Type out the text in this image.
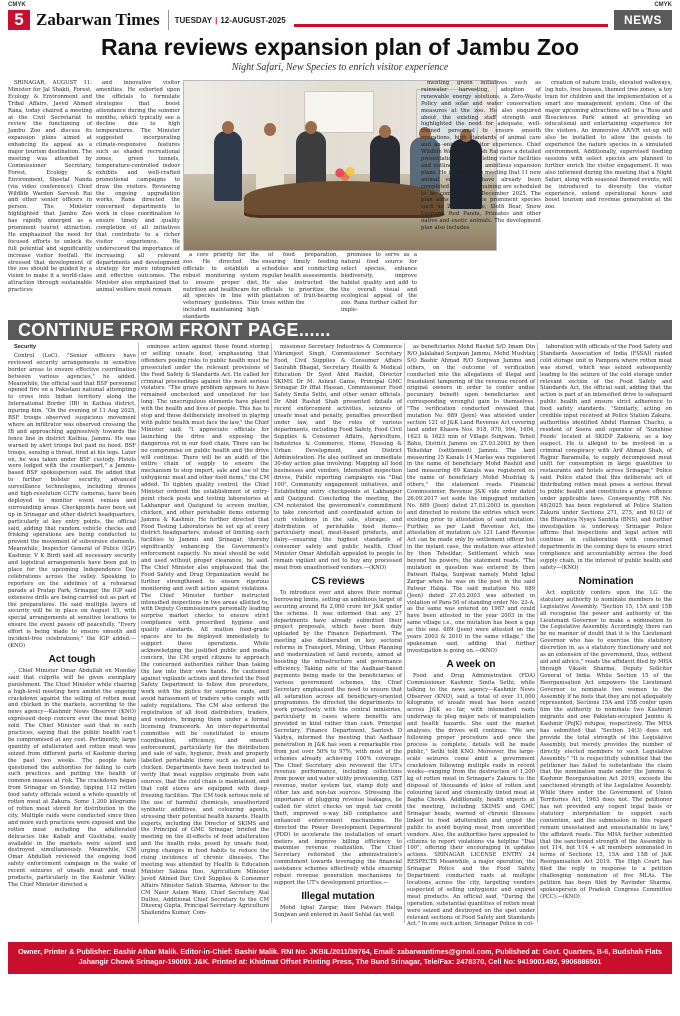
CMYK	CMYK
5 Zabarwan Times	TUESDAY | 12-AUGUST-2025	NEWS
Rana reviews expansion plan of Jambu Zoo
Night Safari, New Species to enrich visitor experience

SRINAGAR, AUGUST 11: Minister for Jal Shakti, Forest, Ecology & Environment and Tribal Affairs, Javed Ahmed Rana, today chaired a meeting at the Civil Secretariat to review the functioning of Jambu Zoo and discuss its expansion plans aimed at enhancing its appeal as a major tourism destination. The meeting was attended by Commissioner Secretary, Forest, Ecology & Environment, Sheetal Nanda (via video conference); Chief Wildlife Warden Sarvesh Rai and other senior officers in person. The Minister highlighted that Jambu Zoo has rapidly emerged as a prominent tourist attraction. He emphasized the need for focused efforts to unlock its full potential and significantly increase visitor footfall. He stressed that development of the zoo should be guided by a vision to make it a world-class attraction through sustainable practices

and innovative visitor amenities. He exhorted upon the officials to formulate strategies that boost attendance during the summer months, which typically see a decline due to high temperatures. The Minister suggested incorporating climate-responsive features such as shaded recreational zones, green tunnels, temperature-controlled indoor exhibits and well-crafted promotional campaigns to draw the visitors. Reviewing the ongoing upgradation works, Rana directed the concerned departments to work in close coordination to ensure timely and quality completion of all initiatives that contribute to a richer visitor experience. He underscored the importance of increasing all relevant departments and development strategy for more integrated and effective outcomes. The Minister also emphasized that animal welfare must remain

a core priority for the zoo. He directed the officials to establish a robust monitoring system to ensure proper diet, nutrition and healthcare for all species in line with veterinary guidelines. This included maintaining high standards

of food preparation, ensuring timely feeding schedules and conducting regular health assessments. He also instructed the officials to prioritize the plantation of fruit-bearing trees within the

premises to serve as a natural food source for select species, enhance biodiversity, improve habitat quality and add to the overall visual and ecological appeal of the zoo. Rana further called for imple-

menting green initiatives such as rainwater harvesting, adoption of renewable energy solutions, a Zero-Waste Policy and solar and water conservation measures at the zoo. He also enquired about the existing staff strength and highlighted the need for adequate, well-trained personnel to ensure smooth operations, high standards of animal care and an enhanced visitor experience. Chief Wildlife Warden Sarvesh Rai gave a detailed presentation on the existing visitor facilities and outlined the zoo's ambitious expansion plans. He informed the meeting that 11 new animal enclosures have already been completed and the remaining are scheduled to be completed by December 2025. The plan aims to introduce prominent species such as Zebra, Rhino, Sloth Bear, Snow Leopard, Red Panda, Primates and other native and exotic animals. The development plan also includes

creation of nature trails, elevated walkways, log huts, tree houses, themed tree zones, a toy train for children and the implementation of a smart zoo management system. One of the major upcoming attractions will be a 'Rose and Biosciences Park' aimed at providing an educational and entertaining experience for the visitors. An immersive AR/VR set-up will also be installed to allow the guests to experience the nature species in a simulated environment. Additionally, supervised feeding sessions with select species are planned to further enrich the visitor engagement. It was also informed during the meeting that a Night Safari, along with seasonal themed events, will be introduced to diversify the visitor experience, extend operational hours and boost tourism and revenue generation at the zoo.

CONTINUE FROM FRONT PAGE......

Security

Control (LoC). "Senior officers have reviewed security arrangements in sensitive border areas to ensure effective coordination between various agencies," he added. Meanwhile, the official said that BSF personnel opened fire on a Pakistani national attempting to cross into Indian territory along the International Border (IB) in Kathua district, injuring him. "On the evening of 11 Aug 2025, BSF troops observed suspicious movement where an infiltrator was observed crossing the IB and approaching aggressively towards the fence line in district Kathua, Jammu. He was warned by alert troops but paid no heed. BSF troops, sensing a threat, fired at his legs. Later on, he was taken under BSF custody. Pistols were lodged with the counterpart," a Jammu-based BSF spokesperson said. He added that to further bolster security, advanced surveillance technologies, including drones and high-resolution CCTV cameras, have been deployed to monitor event venues and surrounding areas. Checkpoints have been set up in Srinagar and other district headquarters, particularly at key entry points, the official said, adding that random vehicle checks and frisking operations are being conducted to prevent the movement of subversive elements. Meanwhile, Inspector General of Police (IGP) Kashmir, V K Birdi said all necessary security and logistical arrangements have been put in place for the upcoming Independence Day celebrations across the valley. Speaking to reporters on the sidelines of a rehearsal parade at Pratap Park, Srinagar, the IGP said extensive drills are being carried out as part of the preparations. He said multiple layers of security will be in place on August 15, with special arrangements at sensitive locations to ensure the event passes off peacefully. "Every effort is being made to ensure smooth and incident-free celebrations," the IGP added.—(KNO)

Act tough

, Chief Minister Omar Abdullah on Monday said that culprits will be given exemplary punishment. The Chief Minister while chairing a high-level meeting here amidst the ongoing crackdown against the selling of rotten meat and chicken in the markets, according to the news agency—Kashmir News Observer (KNO) expressed deep concern over the meat being sold. The Chief Minister said that in such practices, saying that the public health can't be compromised at any cost. Pertinently, large quantity of adulterated and rotten meat was seized from different parts of Kashmir during the past two weeks. The people have questioned the authorities for failing to curb such practices and putting the health of common masses at risk. The crackdown began from Srinagar on Sunday, tipping 112 rotten food safety officials seized a whole quantity of rotten meat at Zakura. Some 1,200 kilograms of rotten meat stored for distribution in the city. Multiple raids were conducted since then and more such practices were exposed and the rotten meat including the adulterated delicacies like Kabab and Gushtaba, easily available in the markets were seized and destroyed simultaneously. Meanwhile, CM Omar Abdullah reviewed the ongoing food safety enforcement campaign in the wake of recent seizures of unsafe meat and meat products, particularly in the Kashmir Valley. The Chief Minister directed a

ominous action against those found storing or selling unsafe food, emphasizing that offenders posing risks to public health must be prosecuted under the relevant provisions of the Food Safety & Standards Act. He called for criminal proceedings against the most serious violators. "The grave problem appears to have remained unchecked and unnoticed for too long. The unscrupulous elements have played with the health and lives of people. This has to stop and those deliberately involved in playing with public health must face the law," the Chief Minister said. "I appreciate officials for launching the drive and exposing the dangerous rot in our food chain. There can be no compromise on public health and the drive will continue. There will be an audit of the entire chain of supply to ensure the mechanism to stop import, sale and use of the unhygienic meat and other food items," the CM added. To tighten quality control, the Chief Minister ordered the establishment of entry-point check posts and testing laboratories at Lakhanpur and Qazigund to screen mutton, chicken, and other perishable items entering Jammu & Kashmir. He further directed that Food Testing Laboratories be set up at every district headquarters, instead of limiting such facilities to Jammu and Srinagar, thereby significantly enhancing the Government's enforcement capacity. No meat should be sold and used without proper clearance, he said. The Chief Minister also emphasized that the Food Safety and Drug Organization would be further strengthened to ensure rigorous monitoring and swift action against violations. The Chief Minister further instructed intensified inspections in two areas allotted to, with Deputy Commissioners personally leading surprise market checks to ensure strict compliance with prescribed hygiene and quality standards. All mutton food-grade spaces are to be deployed immediately to support these operations. While acknowledging the justified public and media concern, the CM urged citizens to approach the concerned authorities rather than taking the law into their own hands. He cautioned against vigilante actions and directed the Food Safety Department to follow due procedure, work with the police for surprise raids, and avoid harassment of traders who comply with safety regulations. The CM also ordered the registration of all food distributors, traders, and vendors, bringing them under a formal licensing framework. An inter-departmental committee will be constituted to ensure coordination, efficiency, and smooth enforcement, particularly for the distribution and sale of safe, hygienic, fresh and properly labelled perishable items such as meat and chicken. Departments have been instructed to verify that meat supplies originate from safe sources, that the cold chain is maintained, and that cold stores are equipped with deep-freezing facilities. The CM took serious note of the use of harmful chemicals, unauthorized synthetic additives, and colouring agents, stressing their potential health hazards. Health experts, including the Director of SKIMS and the Principal of GMC Srinagar, briefed the meeting on the ill-effects of food adulteration and the health risks posed by unsafe food, urging changes in food habits to reduce the rising incidence of chronic illnesses. The meeting was attended by Health & Education Minister Sakina Itoo, Agriculture Minister Javed Ahmed Dar, Civil Supplies & Consumer Affairs Minister Satish Sharma, Advisor to the CM Nasir Aslam Wani, Chief Secretary Atal Dulloo, Additional Chief Secretary to the CM Dheeraj Gupta, Principal Secretary Agriculture Shailendra Kumar, Com-

missioner Secretary Industries & Commerce Vikramjeet Singh, Commissioner Secretary Food, Civil Supplies & Consumer Affairs Saurabh Bhagat, Secretary Health & Medical Education Dr Syed Abid Rashid, Director SKIMS Dr M. Ashraf Ganie, Principal GMC Srinagar Dr Iffat Hassan, Commissioner Food Safety Smita Sethi, and other senior officials. Dr Abid Rashid Shah presented details of recent enforcement activities, seizures of unsafe meat and penalty, penalties prescribed under law, and the roles of various departments, including Food Safety, Food Civil Supplies & Consumer Affairs, Agriculture, Industries & Commerce, Home, Housing & Urban Development, and District Administration. He also outlined an immediate 30-day action plan involving: Mapping all food businesses and vendors, Intensified inspection drives, Public reporting campaigns via "Dial 100", Community engagement initiatives, and Establishing entry checkpoints at Lakhanpur and Qazigund. Concluding the meeting, the CM reiterated the government's commitment to take concerted and coordinated action to curb violations in the sale, storage, and distribution of perishable food items—particularly meat, meat-based products, and dairy—ensuring the highest standards of consumer safety and public health. Chief Minister Omar Abdullah appealed to people to remain vigilant and not to buy any processed meat from unauthorised vendors.—(KNO)

CS reviews

To introduce over and above their normal borrowing limits, setting an ambitious target of securing around Rs 2,000 crore for J&K under the scheme. It was informed that any 27 departments have already submitted their project proposals, which have been duly uploaded by the Finance Department. The meeting also deliberated on key sectoral reforms in Transport, Mining, Urban Planning and modernization of land records, aimed at boosting the infrastructure and governance efficiency. Taking note of the Aadhaar-based payments being made to the beneficiaries of various government schemes, the Chief Secretary emphasized the need to ensure that all saturation across all beneficiary-oriented programmes. He directed the departments to work proactively with the central ministries, particularly in cases where benefits are provided in kind rather than cash. Principal Secretary, Finance Department, Santosh D Vaidya, informed the meeting that Aadhaar penetration in J&K has seen a remarkable rise from just over 50% to 97%, with most of the schemes already achieving 100% coverage. The Chief Secretary also reviewed the UT's revenue performance, including collections from power and water utility provisioning, GST revenue, motor system tax, stamp duty and other tax and non-tax sources. Stressing the importance of plugging revenue leakages, he called for strict checks on input tax credit theft, improved e-way bill compliance and enhanced enforcement mechanisms. He directed the Power Development Department (PDD) to accelerate the installation of smart meters and improve billing efficiency to maximise revenue realization. The Chief Secretary reiterated the administration's commitment towards leveraging the financial assistance schemes effectively while ensuring robust revenue generation mechanisms to support the UT's development priorities.—

Illegal mutation

Mohd Iqbal Zargar, then Patwari Halqa Sunjwan and entered in Aasif Sehlal (as well

as beneficiaries Mohd Rashid S/O Imam Din R/O Jalalabad Sunjwan Jammu, Mohd Mushtaq S/O Bashir Ahmad R/O Sunjwan Jammu and others, on the outcome of verification conducted into the allegations of illegal and fraudulent tampering of the revenue record of original owners in order to confer undue pecuniary benefit upon beneficiaries and corresponding wrongful gain to themselves. "The verification conducted revealed that mutation No. 689 (Jeen) was attested under section 121 of J&K Land Revenue Act covering land under Khasra Nos. 918, 970, 994, 1604, 1623 & 1623 min of Village Sunjwan, Tehsil Bahu, District Jammu on 27.03.2003 by then Tehsildar (settlement) Jammu. The land measuring 15 Kanals 14 Marlas was registered in the name of beneficiary Mohd Rashid and land measuring 69 Kanals was registered on the name of beneficiary Mohd Mushtaq & others," the statement reads. Financial Commissioner, Revenue J&K vide order dated 26.09.2017 set aside the impugned mutation No. 689 (Jeen) dated 27.03.2003 in question and directed to restore the entries which were existing prior to attestation of said mutation. Further, as per Land Revenue Act, the attestation of mutation u/s 121 Land Revenue Act can be made only by settlement officer but in the instant case, the mutation was attested by then Tehsildar, Settlement which was beyond his powers, the statement reads. "The mutation in question was entered by then Patwari Halqa, Sunjwan namely Mohd Iqbal Zargar when he was on the post in the said Patwar Halqa. The said mutation No. 689 (Jeen) dated 27.03.2003 was attested in violation of Para-50 of standing order No. 23-A, as the same was entered on 1987 and could have been attested in the year 2003 in the same village i.e., one mutation has been a gap as this one. 689 (Jeen) were attested on the years 2003 & 2010 in the same village," the spokesman said, adding that further investigation is going on.—(KNO)

A week on

Food and Drug Administration (FDA) Commissioner Kashmir, Smita Sethi, while talking to the news agency—Kashmir News Observer (KNO), said a total of over 11,000 kilograms of unsafe meat has been seized across J&K so far, with intensified raids underway to plug major nets of manipulation and health hazards. She said the market analyses, the drives will continue. "We are following proper procedure and once the process is complete, details will be made public," Sethi told KNO. Moreover, the large-scale seizures come amid a government crackdown following multiple raids in recent weeks—ranging from the destruction of 1,200 kg of rotten meat in Srinagar's Zakura to the disposal of thousands of kilos of rotten and colouring laced and chemically tinted meat at Bagha Chowk. Additionally, health experts at the meeting, including SKIMS and GMC Srinagar heads, warned of chronic illnesses linked to food adulteration and urged the public to avoid buying meat from unverified vendors. Also, the authorities have appealed to citizens to report violations via helpline "Dial 100", offering their encouraging in updates actions. SRINAGAR LICENSE ENTRY 24 RESPECTS Meanwhile, a major operation, the Srinagar Police and the Food Safety Department conducted raids at multiple locations across the city, targeting vendors suspected of selling unhygienic and expired meat products. An official said, "During the operation, substantial quantities of rotten meat were seized and destroyed on the spot under relevant sections of Food Safety and Standards Act." In one such action, Srinagar Police in col-

laboration with officials of the Food Safety and Standards Association of India (FSSAI) raided cold storage unit in Pampora where rotten meat was stored, which was seized subsequently leading to the seizure of the cold storage under relevant section of the Food Safety and Standards Act, the official said, adding that the action is part of an intensified drive to safeguard public health and ensure strict adherence to food safety standards. "Similarly, acting on credible input received at Police Station Zakura, authorities identified Abdul Hannan Chachu, a resident of Seera and operator of 'Sunshine Foods' located at SKIDP Zakoora, as a key suspect. He is alleged to be involved in a criminal conspiracy with Arif Ahmad Shah, of Rajpur Baramulla, to supply decomposed meat unfit for consumption in large quantities to restaurants and hotels across Srinagar," Police said. Police stated that this deliberate act of distributing rotten meat poses a serious threat to public health and constitutes a grave offence under applicable laws. Consequently, FIR No. 48/2025 has been registered at Police Station Zakura under Sections 271, 275, and 61(2) of the Bharatiya Nyaya Sanhita (BNS), and further investigation is underway. Srinagar Police affirms that inspections and legal action will continue in collaboration with concerned departments in the coming days to ensure strict compliance and accountability across the food supply chain, in the interest of public health and safety—(KNO)

Nomination

Act explicitly confers upon the LG the statutory authority to nominate members to the Legislative Assembly. "Section 15, 15A and 15B all recognise the power and authority of the Lieutenant Governor to make a nomination to the Legislative Assembly. Accordingly, there can be no manner of doubt that it is the Lieutenant Governor who has to exercise this statutory discretion in, as a statutory functionary and not as an extension of the government, thus, without aid and advice," reads the affidavit filed by MHA through Vikash Sharma, Deputy Solicitor General of India. While Section 15 of the Reorganisation Act empowers the Lieutenant Governor to nominate two women to the Assembly if he feels that they are not adequately represented, Sections 15A and 15B confer upon him the authority to nominate two Kashmiri migrants and one Pakistan-occupied Jammu & Kashmir (PoJK) refugee, respectively. The MHA has submitted that "Section 14(3) does not provide the total strength of the Legislative Assembly, but merely provides the number of directly elected members to such Legislative Assembly." "It is respectfully submitted that the petitioner has failed to substantiate the claim that the nomination made under the Jammu & Kashmir Reorganisation Act 2019, exceeds the sanctioned strength of the Legislative Assembly. While there under the Government of Union Territories Act, 1963 does not. The petitioner has not provided any cogent legal basis or statutory interpretation to support such contention, and the submission in this regard remain unsustained and unsustainable in law," the affidavit reads. The MHA further submitted that the sanctioned strength of the Assembly is not 114, but 114 + all members nominated in terms of Sections 15, 15A and 15B of J&K Reorganisation Act 2019. The High Court has filed the reply in response to a petition challenging nomination of five MLAs. The petition has been filed by Ravinder Sharma, spokesperson of Pradesh Congress Committee (PCC).—(KNO)

Owner, Printer & Publisher: Bashir Athar Malik. Editor-in-Chief: Bashir Malik. RNI No: JKBIL/2011/39764, Email: zabarwantimes@gmail.com, Published at: Govt. Quarters, B-6, Budshah Flats
Jahangir Chowk Srinagar-190001 J&K. Printed at: Khidmat Offset Printing Press, The Bund Srinagar, Tele/Fax: 2478370, Cell No: 9419001492, 9906886501
